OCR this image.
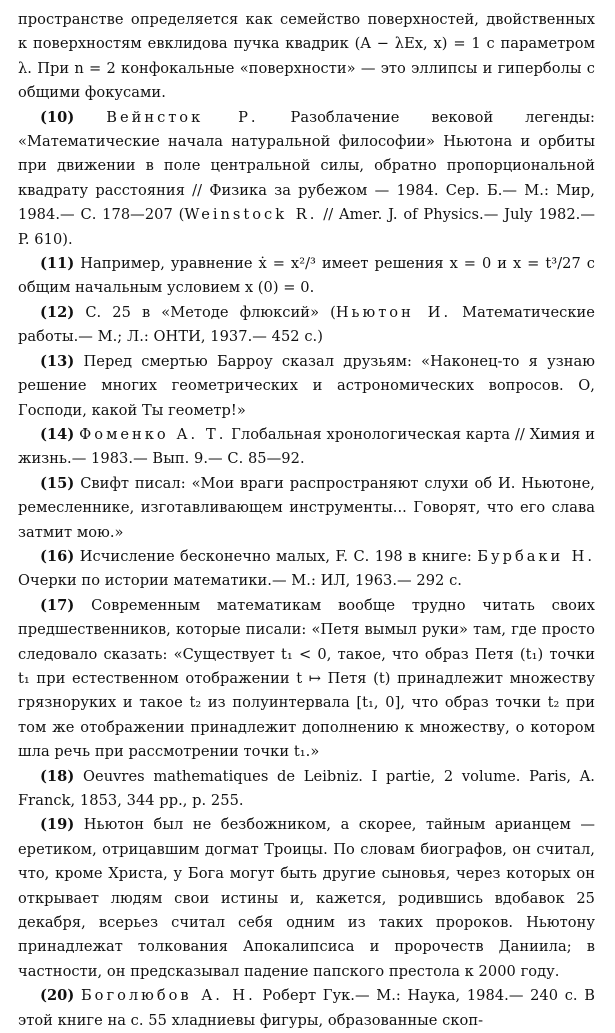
пространстве определяется как семейство поверхностей, двойственных к поверхностям евклидова пучка квадрик (A − λEx, x) = 1 с параметром λ. При n = 2 конфокальные «поверхности» — это эллипсы и гиперболы с общими фокусами.

(10) Вейнсток Р. Разоблачение вековой легенды: «Математические начала натуральной философии» Ньютона и орбиты при движении в поле центральной силы, обратно пропорциональной квадрату расстояния // Физика за рубежом — 1984. Сер. Б.— М.: Мир, 1984.— С. 178—207 (Weinstock R. // Amer. J. of Physics.— July 1982.— P. 610).

(11) Например, уравнение ẋ = x²/³ имеет решения x = 0 и x = t³/27 с общим начальным условием x (0) = 0.

(12) С. 25 в «Методе флюксий» (Ньютон И. Математические работы.— М.; Л.: ОНТИ, 1937.— 452 с.)

(13) Перед смертью Барроу сказал друзьям: «Наконец-то я узнаю решение многих геометрических и астрономических вопросов. О, Господи, какой Ты геометр!»

(14) Фоменко А. Т. Глобальная хронологическая карта // Химия и жизнь.— 1983.— Вып. 9.— С. 85—92.

(15) Свифт писал: «Мои враги распространяют слухи об И. Ньютоне, ремесленнике, изготавливающем инструменты... Говорят, что его слава затмит мою.»

(16) Исчисление бесконечно малых, F. С. 198 в книге: Бурбаки Н. Очерки по истории математики.— М.: ИЛ, 1963.— 292 с.

(17) Современным математикам вообще трудно читать своих предшественников, которые писали: «Петя вымыл руки» там, где просто следовало сказать: «Существует t₁ < 0, такое, что образ Петя (t₁) точки t₁ при естественном отображении t ↦ Петя (t) принадлежит множеству грязноруких и такое t₂ из полуинтервала [t₁, 0], что образ точки t₂ при том же отображении принадлежит дополнению к множеству, о котором шла речь при рассмотрении точки t₁.»

(18) Oeuvres mathematiques de Leibniz. I partie, 2 volume. Paris, A. Franck, 1853, 344 pp., p. 255.

(19) Ньютон был не безбожником, а скорее, тайным арианцем — еретиком, отрицавшим догмат Троицы. По словам биографов, он считал, что, кроме Христа, у Бога могут быть другие сыновья, через которых он открывает людям свои истины и, кажется, родившись вдобавок 25 декабря, всерьез считал себя одним из таких пророков. Ньютону принадлежат толкования Апокалипсиса и пророчеств Даниила; в частности, он предсказывал падение папского престола к 2000 году.

(20) Боголюбов А. Н. Роберт Гук.— М.: Наука, 1984.— 240 с. В этой книге на с. 55 хладниевы фигуры, образованные скоп-
